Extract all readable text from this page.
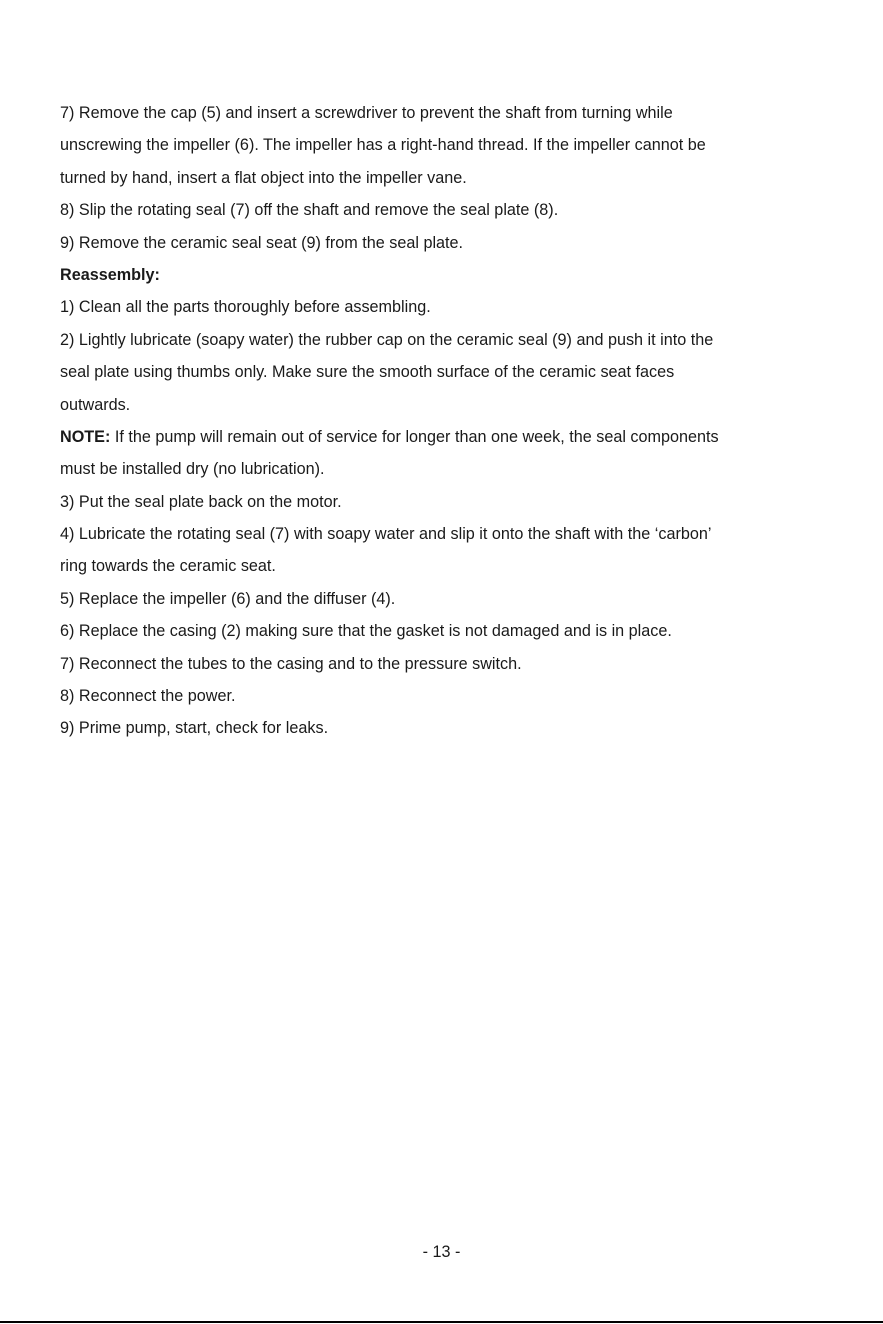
7) Remove the cap (5) and insert a screwdriver to prevent the shaft from turning while
unscrewing the impeller (6). The impeller has a right-hand thread. If the impeller cannot be
turned by hand, insert a flat object into the impeller vane.
8) Slip the rotating seal (7) off the shaft and remove the seal plate (8).
9) Remove the ceramic seal seat (9) from the seal plate.
Reassembly:
1) Clean all the parts thoroughly before assembling.
2) Lightly lubricate (soapy water) the rubber cap on the ceramic seal (9) and push it into the
seal plate using thumbs only. Make sure the smooth surface of the ceramic seat faces
outwards.
NOTE: If the pump will remain out of service for longer than one week, the seal components
must be installed dry (no lubrication).
3) Put the seal plate back on the motor.
4) Lubricate the rotating seal (7) with soapy water and slip it onto the shaft with the ‘carbon’
ring towards the ceramic seat.
5) Replace the impeller (6) and the diffuser (4).
6) Replace the casing (2) making sure that the gasket is not damaged and is in place.
7) Reconnect the tubes to the casing and to the pressure switch.
8) Reconnect the power.
9) Prime pump, start, check for leaks.
- 13 -
